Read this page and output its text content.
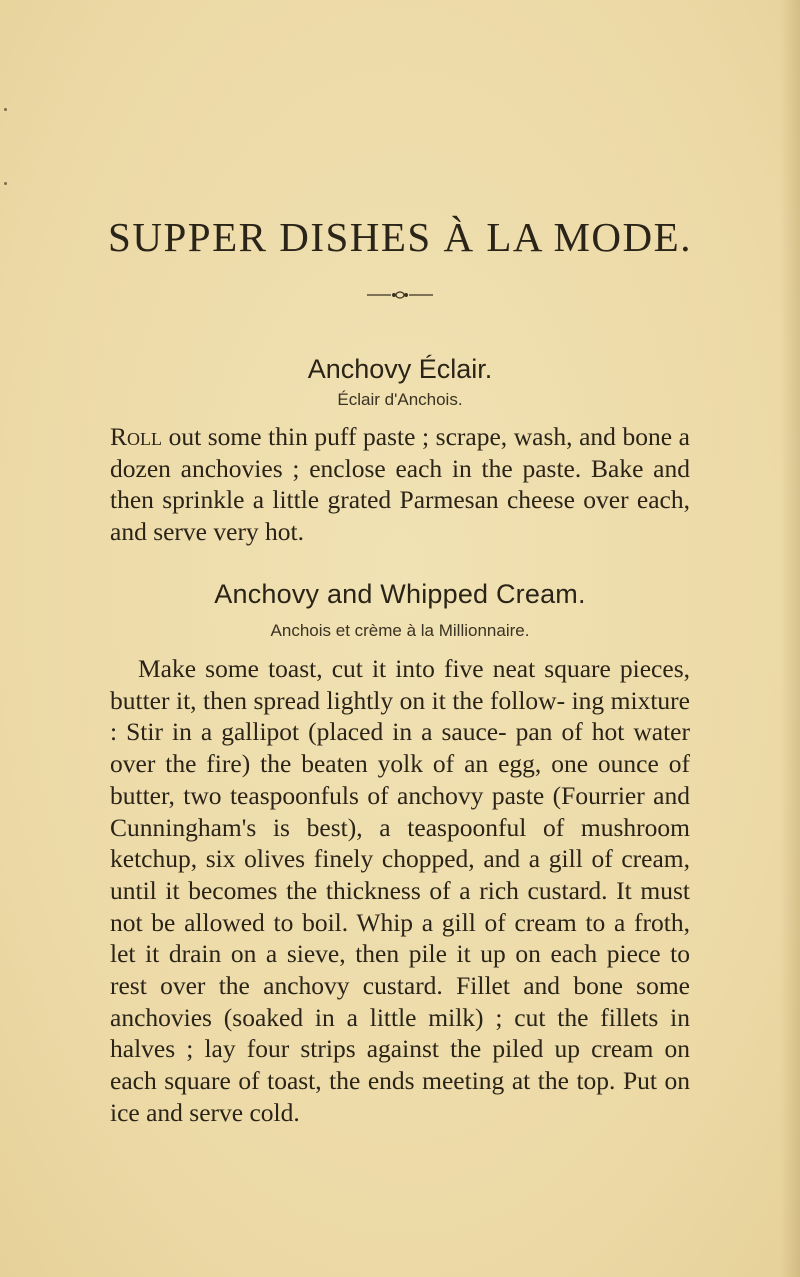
SUPPER DISHES À LA MODE.
Anchovy Éclair.

Éclair d'Anchois.

Roll out some thin puff paste ; scrape, wash, and bone a dozen anchovies ; enclose each in the paste. Bake and then sprinkle a little grated Parmesan cheese over each, and serve very hot.

Anchovy and Whipped Cream.

Anchois et crème à la Millionnaire.

Make some toast, cut it into five neat square pieces, butter it, then spread lightly on it the follow- ing mixture : Stir in a gallipot (placed in a sauce- pan of hot water over the fire) the beaten yolk of an egg, one ounce of butter, two teaspoonfuls of anchovy paste (Fourrier and Cunningham's is best), a teaspoonful of mushroom ketchup, six olives finely chopped, and a gill of cream, until it becomes the thickness of a rich custard. It must not be allowed to boil. Whip a gill of cream to a froth, let it drain on a sieve, then pile it up on each piece to rest over the anchovy custard. Fillet and bone some anchovies (soaked in a little milk) ; cut the fillets in halves ; lay four strips against the piled up cream on each square of toast, the ends meeting at the top. Put on ice and serve cold.
